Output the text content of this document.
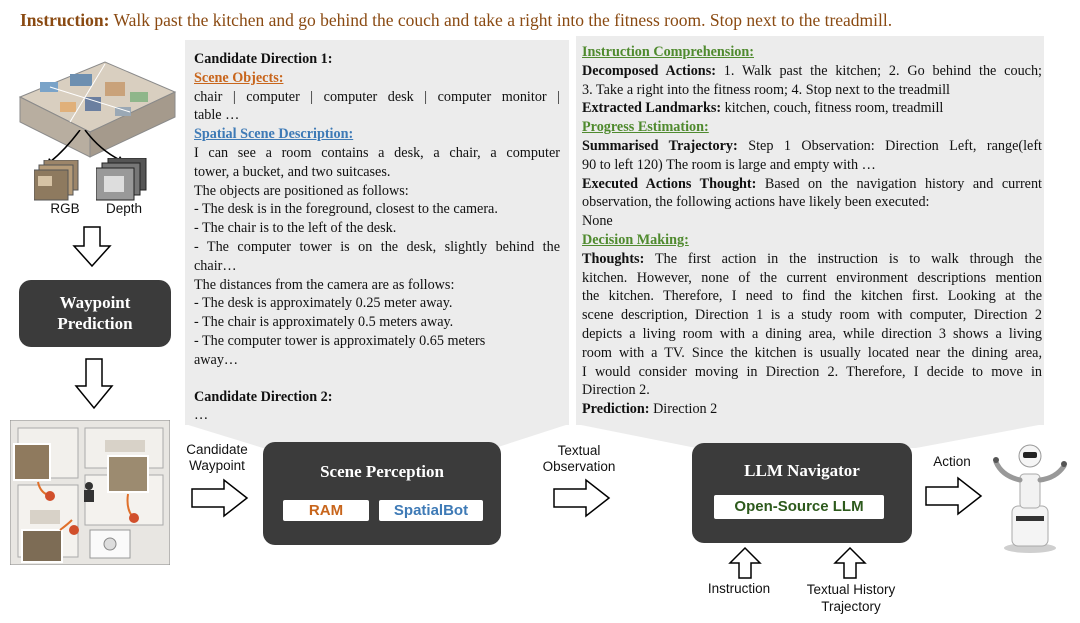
Instruction: Walk past the kitchen and go behind the couch and take a right into the fitness room. Stop next to the treadmill.
RGB	Depth
Waypoint
Prediction
Candidate Direction 1:
Scene Objects:
chair | computer | computer desk | computer monitor |
table …
Spatial Scene Description:
I can see a room contains a desk, a chair, a computer
tower, a bucket, and two suitcases.
The objects are positioned as follows:
- The desk is in the foreground, closest to the camera.
- The chair is to the left of the desk.
- The computer tower is on the desk, slightly behind the
chair…
The distances from the camera are as follows:
- The desk is approximately 0.25 meter away.
- The chair is approximately 0.5 meters away.
- The computer tower is approximately 0.65 meters
away…
Candidate Direction 2:
…
Instruction Comprehension:
Decomposed Actions: 1. Walk past the kitchen; 2. Go behind the couch;
3. Take a right into the fitness room; 4. Stop next to the treadmill
Extracted Landmarks: kitchen, couch, fitness room, treadmill
Progress Estimation:
Summarised Trajectory: Step 1 Observation: Direction Left, range(left
90 to left 120) The room is large and empty with …
Executed Actions Thought: Based on the navigation history and current
observation, the following actions have likely been executed:
None
Decision Making:
Thoughts: The first action in the instruction is to walk through the
kitchen. However, none of the current environment descriptions mention
the kitchen. Therefore, I need to find the kitchen first. Looking at the
scene description, Direction 1 is a study room with computer, Direction 2
depicts a living room with a dining area, while direction 3 shows a living
room with a TV. Since the kitchen is usually located near the dining area,
I would consider moving in Direction 2. Therefore, I decide to move in
Direction 2.
Prediction: Direction 2
Candidate
Waypoint	Scene Perception
RAM	SpatialBot
Textual
Observation	LLM Navigator
Open-Source LLM
Action
Instruction	Textual History
Trajectory
